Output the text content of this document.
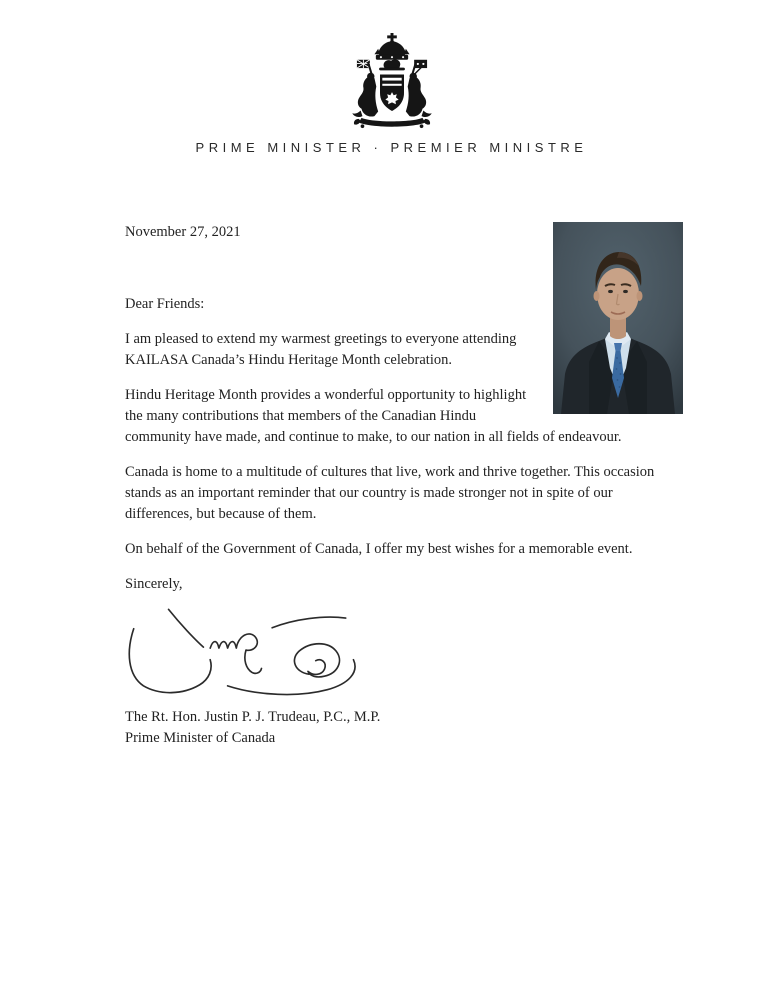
PRIME MINISTER · PREMIER MINISTRE

November 27, 2021

Dear Friends:

I am pleased to extend my warmest greetings to everyone attending KAILASA Canada’s Hindu Heritage Month celebration.

Hindu Heritage Month provides a wonderful opportunity to highlight the many contributions that members of the Canadian Hindu community have made, and continue to make, to our nation in all fields of endeavour.

Canada is home to a multitude of cultures that live, work and thrive together. This occasion stands as an important reminder that our country is made stronger not in spite of our differences, but because of them.

On behalf of the Government of Canada, I offer my best wishes for a memorable event.

Sincerely,

The Rt. Hon. Justin P. J. Trudeau, P.C., M.P.

Prime Minister of Canada
